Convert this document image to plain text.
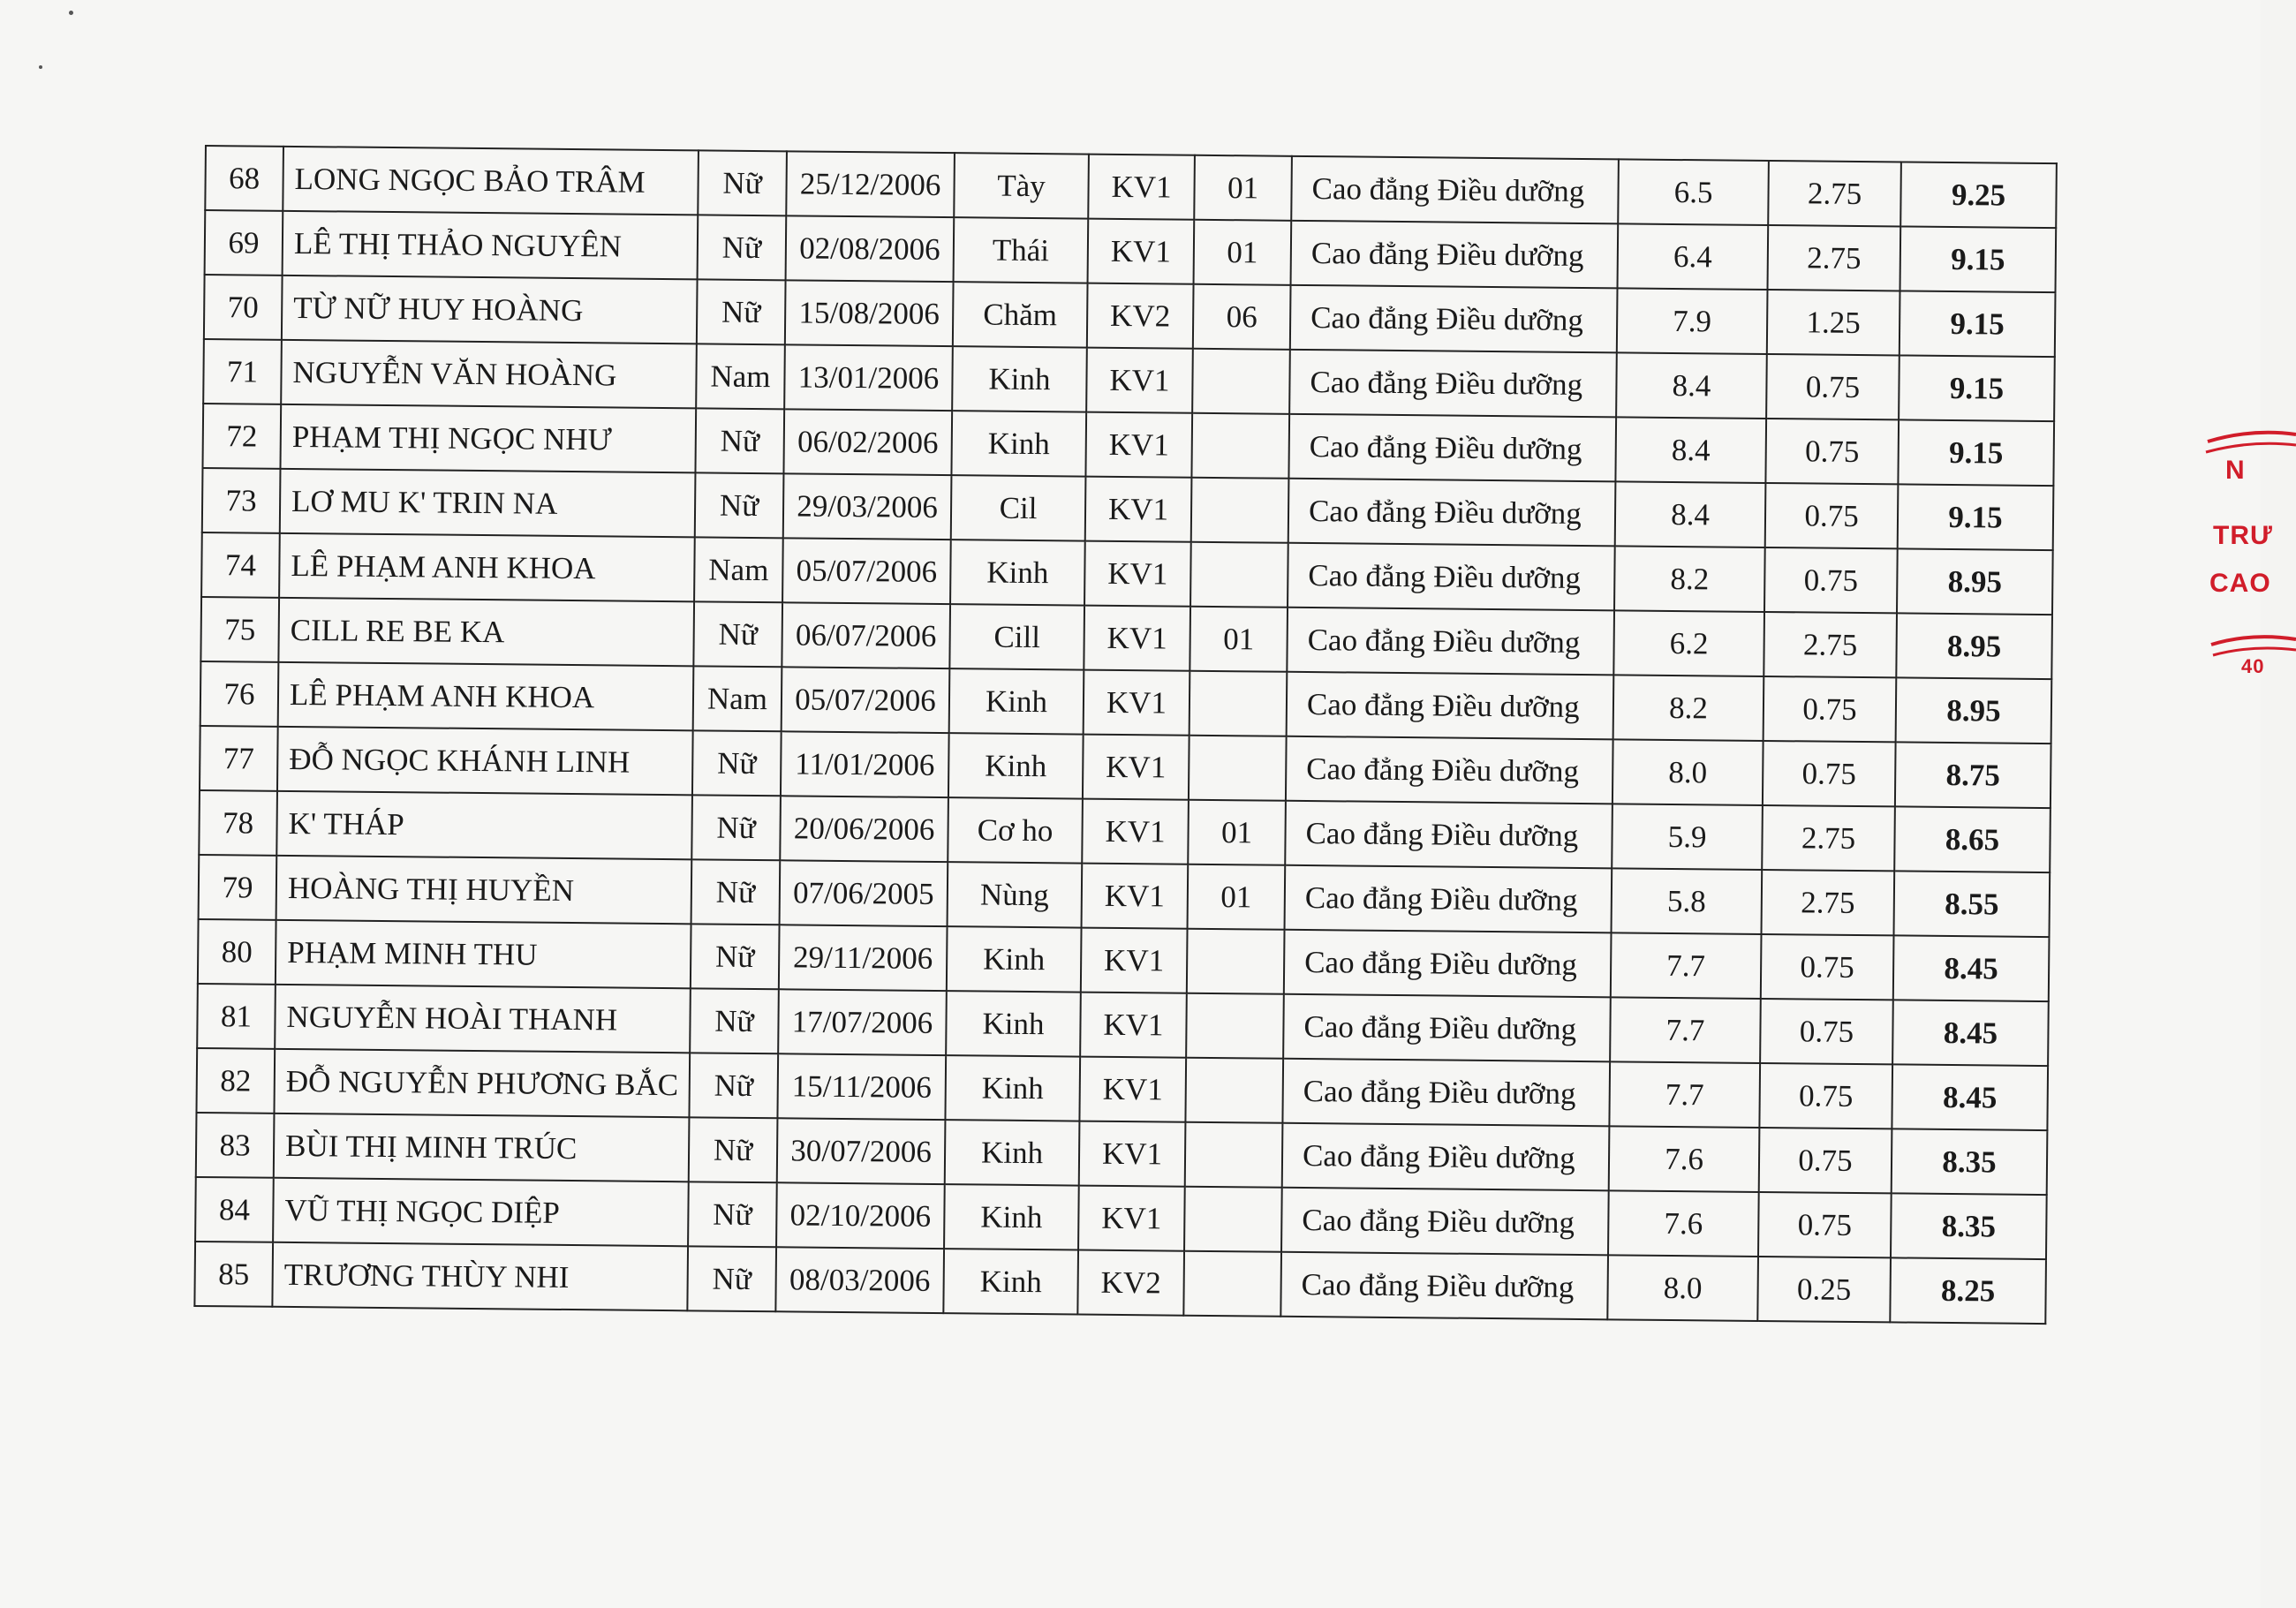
68	LONG NGỌC BẢO TRÂM	Nữ	25/12/2006	Tày	KV1	01	Cao đẳng Điều dưỡng	6.5	2.75	9.25
69	LÊ THỊ THẢO NGUYÊN	Nữ	02/08/2006	Thái	KV1	01	Cao đẳng Điều dưỡng	6.4	2.75	9.15
70	TỪ NỮ HUY HOÀNG	Nữ	15/08/2006	Chăm	KV2	06	Cao đẳng Điều dưỡng	7.9	1.25	9.15
71	NGUYỄN VĂN HOÀNG	Nam	13/01/2006	Kinh	KV1		Cao đẳng Điều dưỡng	8.4	0.75	9.15
72	PHẠM THỊ NGỌC NHƯ	Nữ	06/02/2006	Kinh	KV1		Cao đẳng Điều dưỡng	8.4	0.75	9.15
73	LƠ MU K' TRIN NA	Nữ	29/03/2006	Cil	KV1		Cao đẳng Điều dưỡng	8.4	0.75	9.15
74	LÊ PHẠM ANH KHOA	Nam	05/07/2006	Kinh	KV1		Cao đẳng Điều dưỡng	8.2	0.75	8.95
75	CILL RE BE KA	Nữ	06/07/2006	Cill	KV1	01	Cao đẳng Điều dưỡng	6.2	2.75	8.95
76	LÊ PHẠM ANH KHOA	Nam	05/07/2006	Kinh	KV1		Cao đẳng Điều dưỡng	8.2	0.75	8.95
77	ĐỖ NGỌC KHÁNH LINH	Nữ	11/01/2006	Kinh	KV1		Cao đẳng Điều dưỡng	8.0	0.75	8.75
78	K' THÁP	Nữ	20/06/2006	Cơ ho	KV1	01	Cao đẳng Điều dưỡng	5.9	2.75	8.65
79	HOÀNG THỊ HUYỀN	Nữ	07/06/2005	Nùng	KV1	01	Cao đẳng Điều dưỡng	5.8	2.75	8.55
80	PHẠM MINH THU	Nữ	29/11/2006	Kinh	KV1		Cao đẳng Điều dưỡng	7.7	0.75	8.45
81	NGUYỄN HOÀI THANH	Nữ	17/07/2006	Kinh	KV1		Cao đẳng Điều dưỡng	7.7	0.75	8.45
82	ĐỖ NGUYỄN PHƯƠNG BẮC	Nữ	15/11/2006	Kinh	KV1		Cao đẳng Điều dưỡng	7.7	0.75	8.45
83	BÙI THỊ MINH TRÚC	Nữ	30/07/2006	Kinh	KV1		Cao đẳng Điều dưỡng	7.6	0.75	8.35
84	VŨ THỊ NGỌC DIỆP	Nữ	02/10/2006	Kinh	KV1		Cao đẳng Điều dưỡng	7.6	0.75	8.35
85	TRƯƠNG THÙY NHI	Nữ	08/03/2006	Kinh	KV2		Cao đẳng Điều dưỡng	8.0	0.25	8.25
N
TRƯ
CAO
40
